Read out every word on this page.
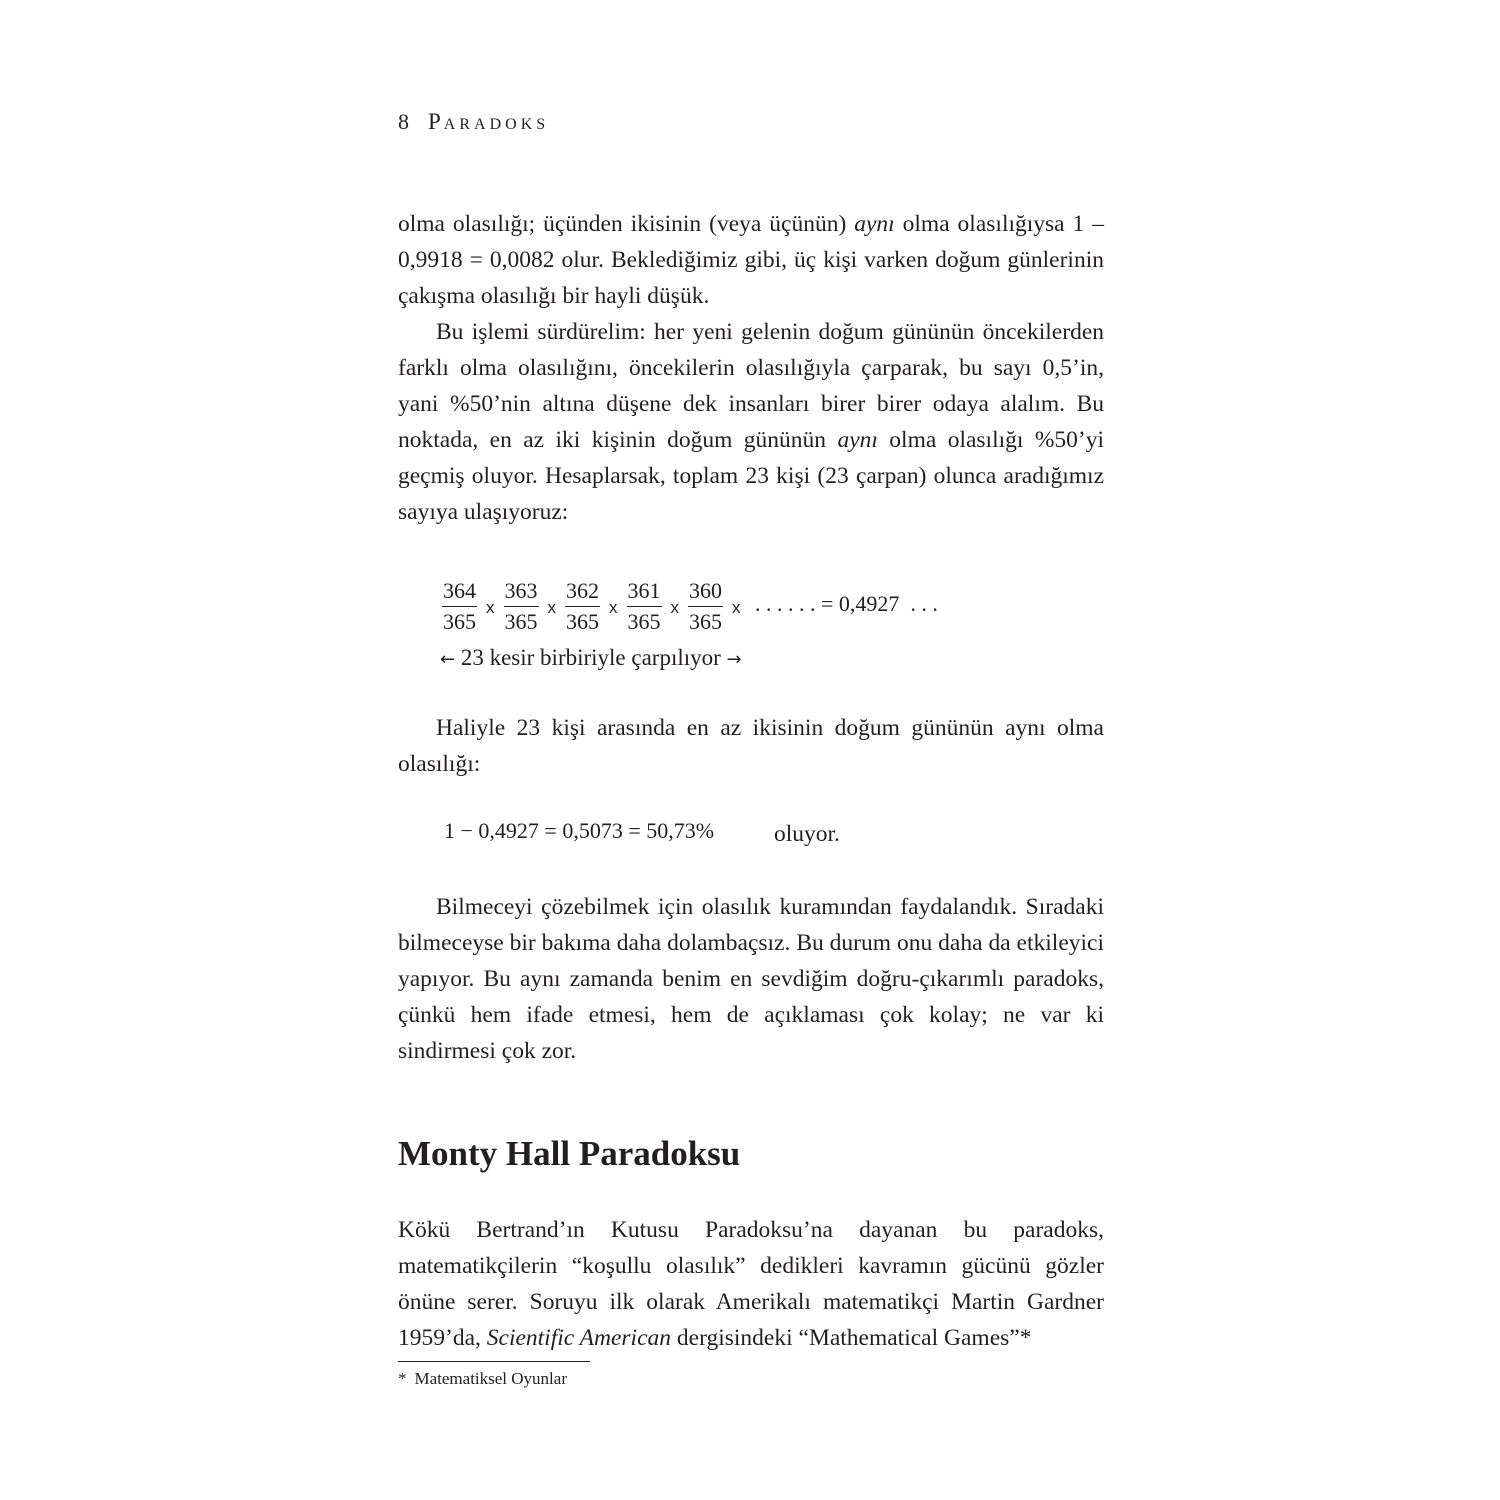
8 PARADOKS

olma olasılığı; üçünden ikisinin (veya üçünün) aynı olma olasılığıysa 1 – 0,9918 = 0,0082 olur. Beklediğimiz gibi, üç kişi varken doğum günlerinin çakışma olasılığı bir hayli düşük.

Bu işlemi sürdürelim: her yeni gelenin doğum gününün öncekilerden farklı olma olasılığını, öncekilerin olasılığıyla çarparak, bu sayı 0,5’in, yani %50’nin altına düşene dek insanları birer birer odaya alalım. Bu noktada, en az iki kişinin doğum gününün aynı olma olasılığı %50’yi geçmiş oluyor. Hesaplarsak, toplam 23 kişi (23 çarpan) olunca aradığımız sayıya ulaşıyoruz:

$\frac{364}{365}$ x $\frac{363}{365}$ x $\frac{362}{365}$ x $\frac{361}{365}$ x $\frac{360}{365}$ x . . . . . . = 0,4927  . . .
← 23 kesir birbiriyle çarpılıyor →

Haliyle 23 kişi arasında en az ikisinin doğum gününün aynı olma olasılığı:

1 − 0,4927 = 0,5073 = 50,73%	oluyor.

Bilmeceyi çözebilmek için olasılık kuramından faydalandık. Sıradaki bilmeceyse bir bakıma daha dolambaçsız. Bu durum onu daha da etkileyici yapıyor. Bu aynı zamanda benim en sevdiğim doğru-çıkarımlı paradoks, çünkü hem ifade etmesi, hem de açıklaması çok kolay; ne var ki sindirmesi çok zor.

Monty Hall Paradoksu

Kökü Bertrand’ın Kutusu Paradoksu’na dayanan bu paradoks, matematikçilerin “koşullu olasılık” dedikleri kavramın gücünü gözler önüne serer. Soruyu ilk olarak Amerikalı matematikçi Martin Gardner 1959’da, Scientific American dergisindeki “Mathematical Games”*

* Matematiksel Oyunlar
